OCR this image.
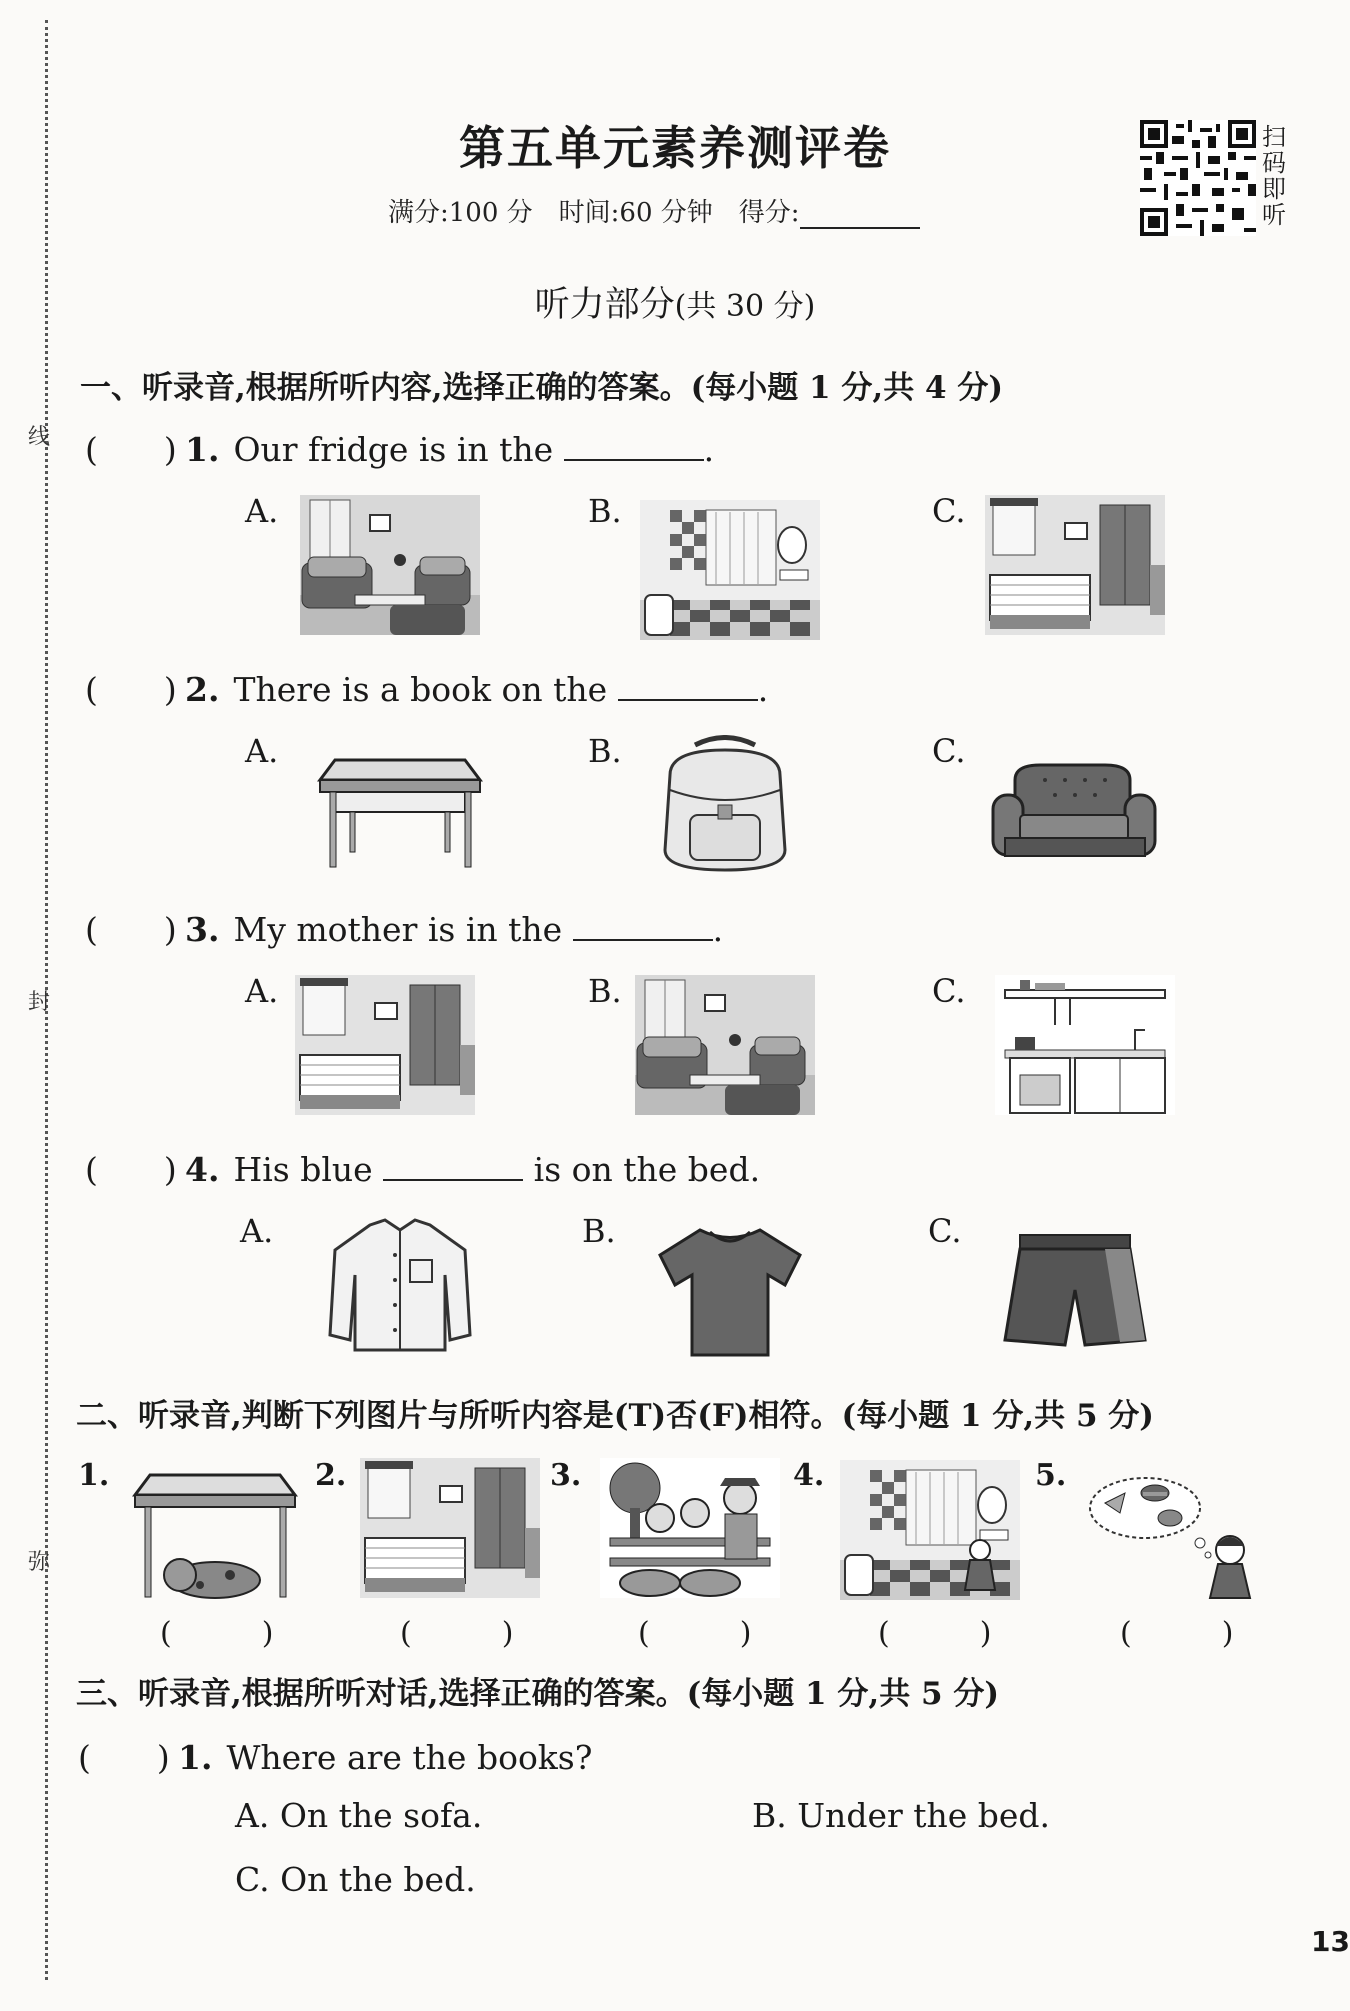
线
封
弥
第五单元素养测评卷
满分:100 分　时间:60 分钟　得分:
扫码即听
听力部分(共 30 分)
一、听录音,根据所听内容,选择正确的答案。(每小题 1 分,共 4 分)
(　　) 1. Our fridge is in the	.
A.	B.	C.
(　　) 2. There is a book on the	.
A.	B.	C.
(　　) 3. My mother is in the	.
A.	B.	C.
(　　) 4. His blue	is on the bed.
A.	B.	C.
二、听录音,判断下列图片与所听内容是(T)否(F)相符。(每小题 1 分,共 5 分)
1.
(　)
2.
(　)
3.
(　)
4.
(　)
5.
(　)
三、听录音,根据所听对话,选择正确的答案。(每小题 1 分,共 5 分)
(　　) 1. Where are the books?
A. On the sofa.	B. Under the bed.
C. On the bed.
13
